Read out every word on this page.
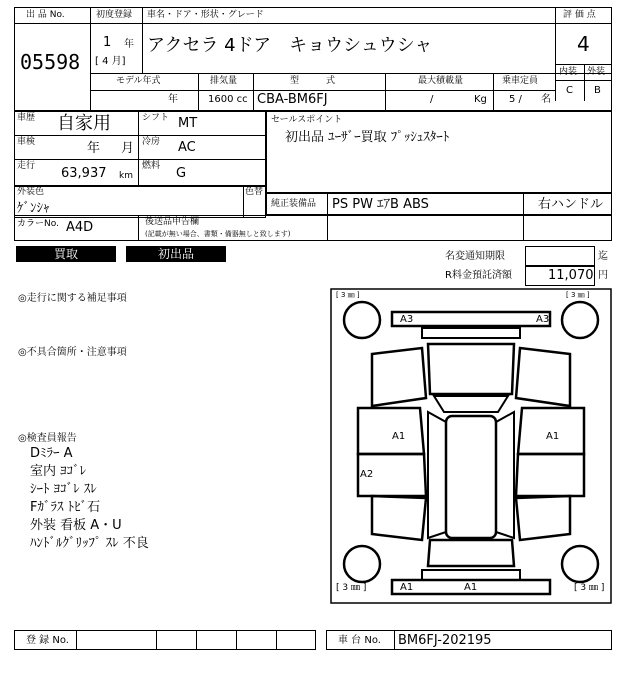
出 品 No.
05598
初度登録
1 年
[ 4 月]
車名・ドア・形状・グレード
アクセラ 4ドア　キョウシュウシャ
評 価 点
4
内装 外装
C B
モデル年式
年
排気量
1600 cc
型　　　式
CBA-BM6FJ
最大積載量
/	Kg
乗車定員
5 / 名
車歴 自家用	シフト MT
車検	年 月 冷房 AC
走行 63,937 km
燃料 G
セールスポイント
初出品 ﾕｰｻﾞｰ買取 ﾌﾟｯｼｭｽﾀｰﾄ
外装色
ｹﾞﾝｼｬ
色替
純正装備品 PS PW ｴｱB ABS	右ハンドル
カラーNo. A4D	後送品申告欄
(記載が無い場合、書類・備器無しと致します)
買取	初出品	名変通知期限	迄
R料金預託済額	11,070 円
◎走行に関する補足事項
◎不具合箇所・注意事項
◎検査員報告
Dﾐﾗｰ A
室内 ﾖｺﾞﾚ
ｼｰﾄ ﾖｺﾞﾚ ｽﾚ
Fｶﾞﾗｽ ﾄﾋﾞ石
外装 看板 A・U
ﾊﾝﾄﾞﾙｸﾞﾘｯﾌﾟ ｽﾚ 不良
[ 3 ㎜ ]	[ 3 ㎜ ]
[ 3 ㎜ ]	[ 3 ㎜ ]
A3	A3
A1	A1
A2
A1	A1
登 録 No.	車 台 No. BM6FJ-202195
